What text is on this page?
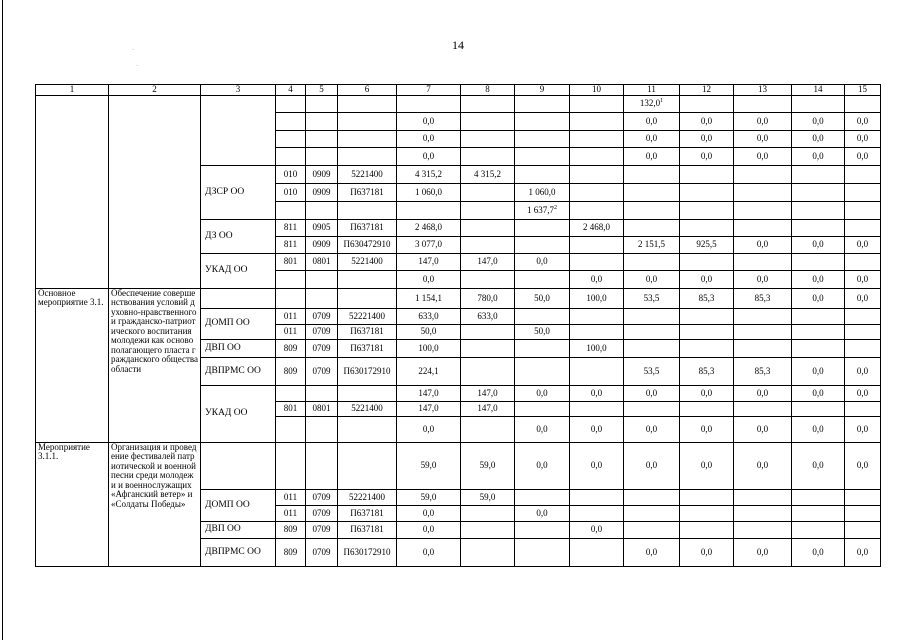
14
·
·
1	2	3	4	5	6	7	8	9	10	11	12	13	14	15
										132,0$^1$				
						0,0				0,0	0,0	0,0	0,0	0,0
						0,0				0,0	0,0	0,0	0,0	0,0
						0,0				0,0	0,0	0,0	0,0	0,0
		ДЗСР ОО	010	0909	5221400	4 315,2	4 315,2							
			010	0909	П637181	1 060,0		1 060,0						
								1 637,7$^2$						
		ДЗ ОО	811	0905	П637181	2 468,0			2 468,0					
			811	0909	П630472910	3 077,0				2 151,5	925,5	0,0	0,0	0,0
		УКАД ОО	801	0801	5221400	147,0	147,0	0,0						
						0,0			0,0	0,0	0,0	0,0	0,0	0,0
Основное мероприятие 3.1.	Обеспечение совершенствования условий духовно-нравственного и гражданско-патриотического воспитания молодежи как основополагающего пласта гражданского общества области					1 154,1	780,0	50,0	100,0	53,5	85,3	85,3	0,0	0,0
		ДОМП ОО	011	0709	52221400	633,0	633,0							
			011	0709	П637181	50,0		50,0						
		ДВП ОО	809	0709	П637181	100,0			100,0					
		ДВПРМС ОО	809	0709	П630172910	224,1				53,5	85,3	85,3	0,0	0,0
		УКАД ОО				147,0	147,0	0,0	0,0	0,0	0,0	0,0	0,0	0,0
			801	0801	5221400	147,0	147,0							
						0,0		0,0	0,0	0,0	0,0	0,0	0,0	0,0
Мероприятие 3.1.1.	Организация и проведение фестивалей патриотической и военной песни среди молодежи и военнослужащих «Афганский ветер» и «Солдаты Победы»					59,0	59,0	0,0	0,0	0,0	0,0	0,0	0,0	0,0
		ДОМП ОО	011	0709	52221400	59,0	59,0							
			011	0709	П637181	0,0		0,0						
		ДВП ОО	809	0709	П637181	0,0			0,0					
		ДВПРМС ОО	809	0709	П630172910	0,0				0,0	0,0	0,0	0,0	0,0
